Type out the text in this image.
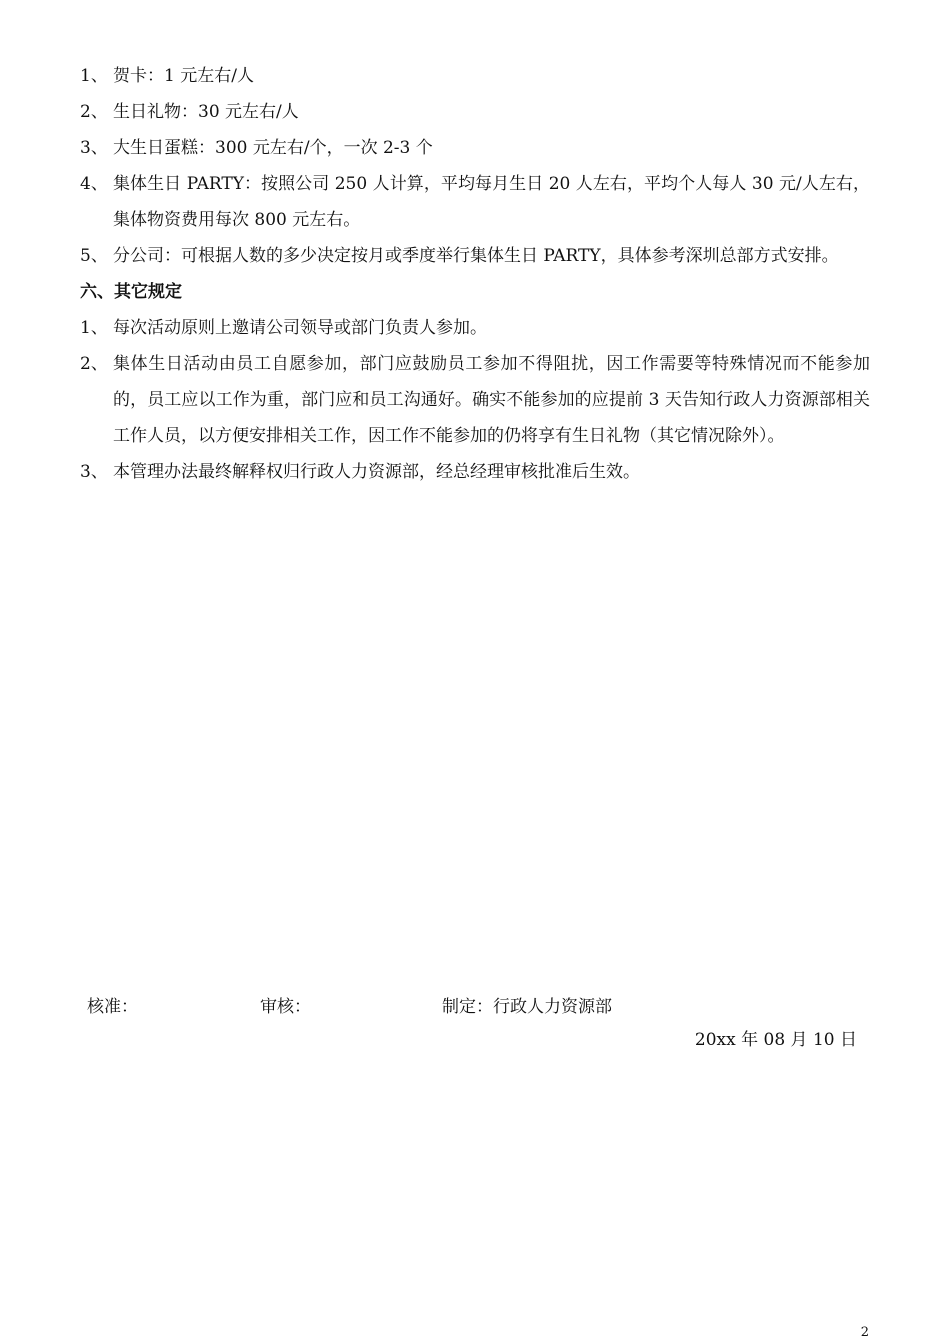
1、 贺卡：1 元左右/人
2、 生日礼物：30 元左右/人
3、 大生日蛋糕：300 元左右/个，一次 2-3 个
4、 集体生日 PARTY：按照公司 250 人计算，平均每月生日 20 人左右，平均个人每人 30 元/人左右，集体物资费用每次 800 元左右。
5、 分公司：可根据人数的多少决定按月或季度举行集体生日 PARTY，具体参考深圳总部方式安排。
六、其它规定
1、 每次活动原则上邀请公司领导或部门负责人参加。
2、 集体生日活动由员工自愿参加，部门应鼓励员工参加不得阻扰，因工作需要等特殊情况而不能参加的，员工应以工作为重，部门应和员工沟通好。确实不能参加的应提前 3 天告知行政人力资源部相关工作人员，以方便安排相关工作，因工作不能参加的仍将享有生日礼物（其它情况除外）。
3、 本管理办法最终解释权归行政人力资源部，经总经理审核批准后生效。
核准：	审核：	制定：行政人力资源部
20xx 年 08 月 10 日
2
